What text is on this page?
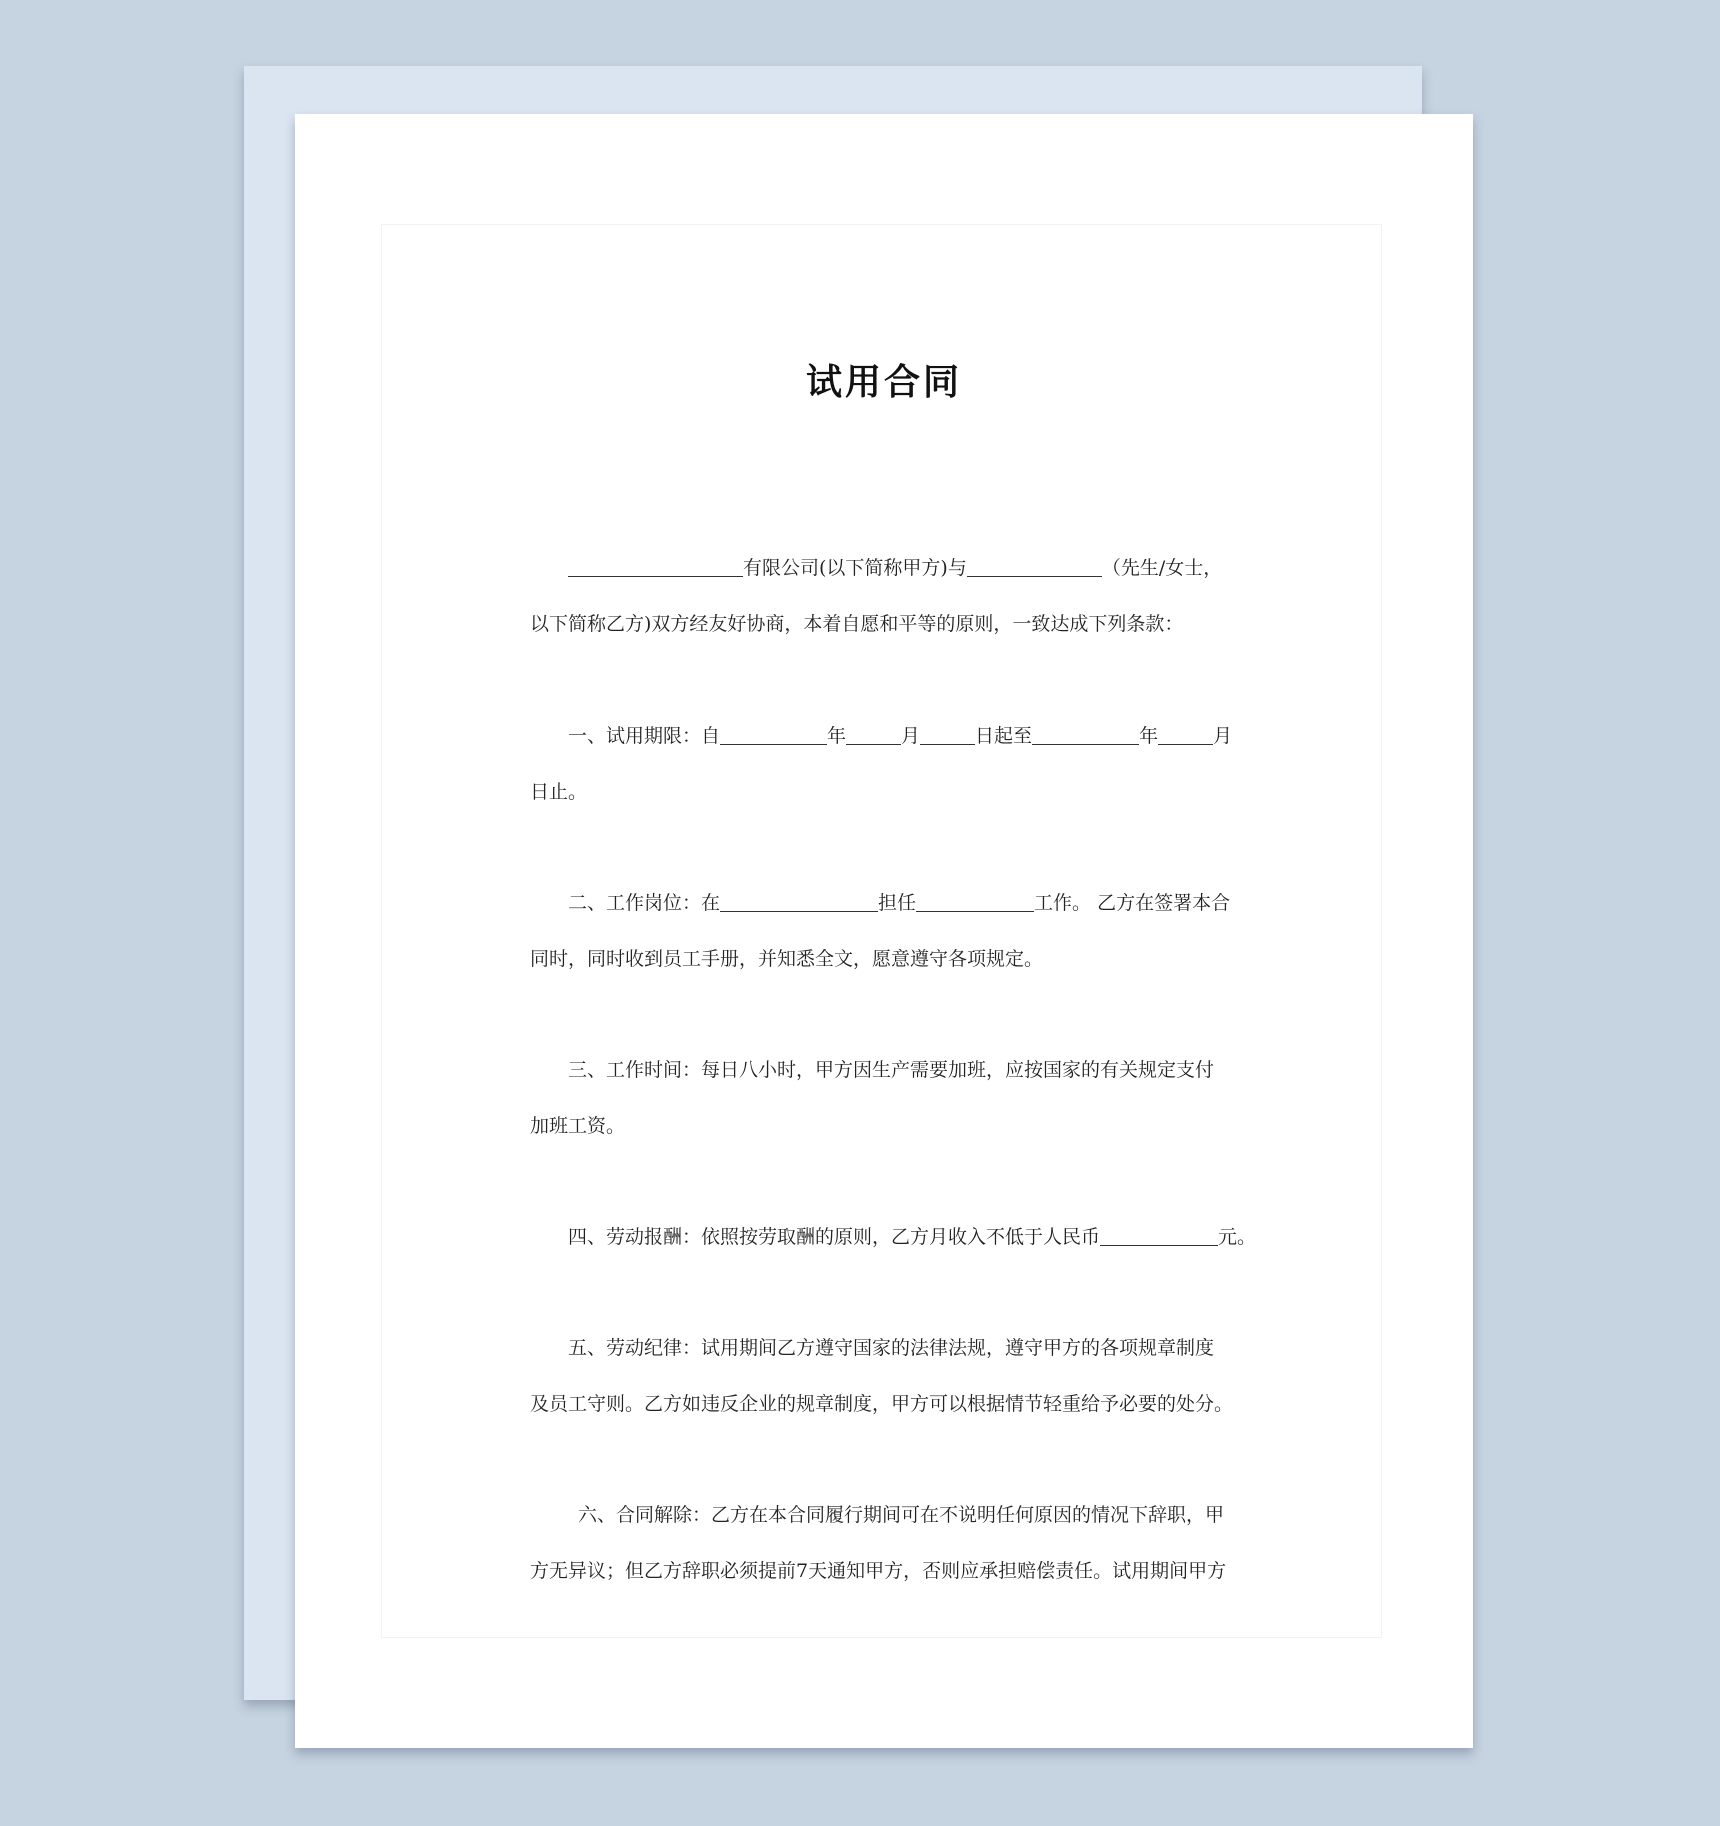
试用合同
有限公司(以下简称甲方)与	（先生/女士，
以下简称乙方)双方经友好协商，本着自愿和平等的原则，一致达成下列条款：
一、试用期限：自	年	月	日起至	年	月
日止。
二、工作岗位：在	担任	工作。 乙方在签署本合
同时，同时收到员工手册，并知悉全文，愿意遵守各项规定。
三、工作时间：每日八小时，甲方因生产需要加班，应按国家的有关规定支付
加班工资。
四、劳动报酬：依照按劳取酬的原则，乙方月收入不低于人民币	元。
五、劳动纪律：试用期间乙方遵守国家的法律法规，遵守甲方的各项规章制度
及员工守则。乙方如违反企业的规章制度，甲方可以根据情节轻重给予必要的处分。
六、合同解除：乙方在本合同履行期间可在不说明任何原因的情况下辞职，甲
方无异议；但乙方辞职必须提前7天通知甲方，否则应承担赔偿责任。试用期间甲方
